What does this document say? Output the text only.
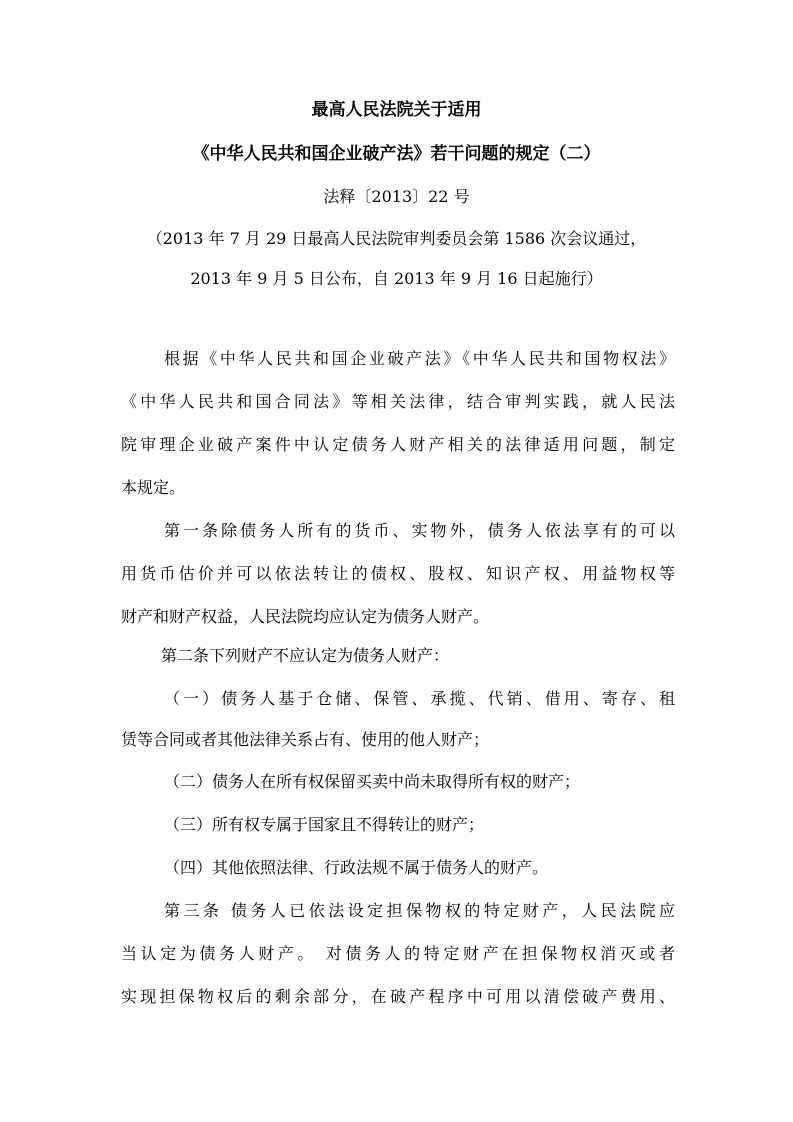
最高人民法院关于适用
《中华人民共和国企业破产法》若干问题的规定（二）
法释〔2013〕22 号
（2013 年 7 月 29 日最高人民法院审判委员会第 1586 次会议通过，
2013 年 9 月 5 日公布，自 2013 年 9 月 16 日起施行）
根据《中华人民共和国企业破产法》《中华人民共和国物权法》
《中华人民共和国合同法》等相关法律，结合审判实践，就人民法
院审理企业破产案件中认定债务人财产相关的法律适用问题，制定
本规定。
第一条除债务人所有的货币、实物外，债务人依法享有的可以
用货币估价并可以依法转让的债权、股权、知识产权、用益物权等
财产和财产权益，人民法院均应认定为债务人财产。
第二条下列财产不应认定为债务人财产：
（一）债务人基于仓储、保管、承揽、代销、借用、寄存、租
赁等合同或者其他法律关系占有、使用的他人财产；
（二）债务人在所有权保留买卖中尚未取得所有权的财产；
（三）所有权专属于国家且不得转让的财产；
（四）其他依照法律、行政法规不属于债务人的财产。
第三条 债务人已依法设定担保物权的特定财产，人民法院应
当认定为债务人财产。 对债务人的特定财产在担保物权消灭或者
实现担保物权后的剩余部分，在破产程序中可用以清偿破产费用、
